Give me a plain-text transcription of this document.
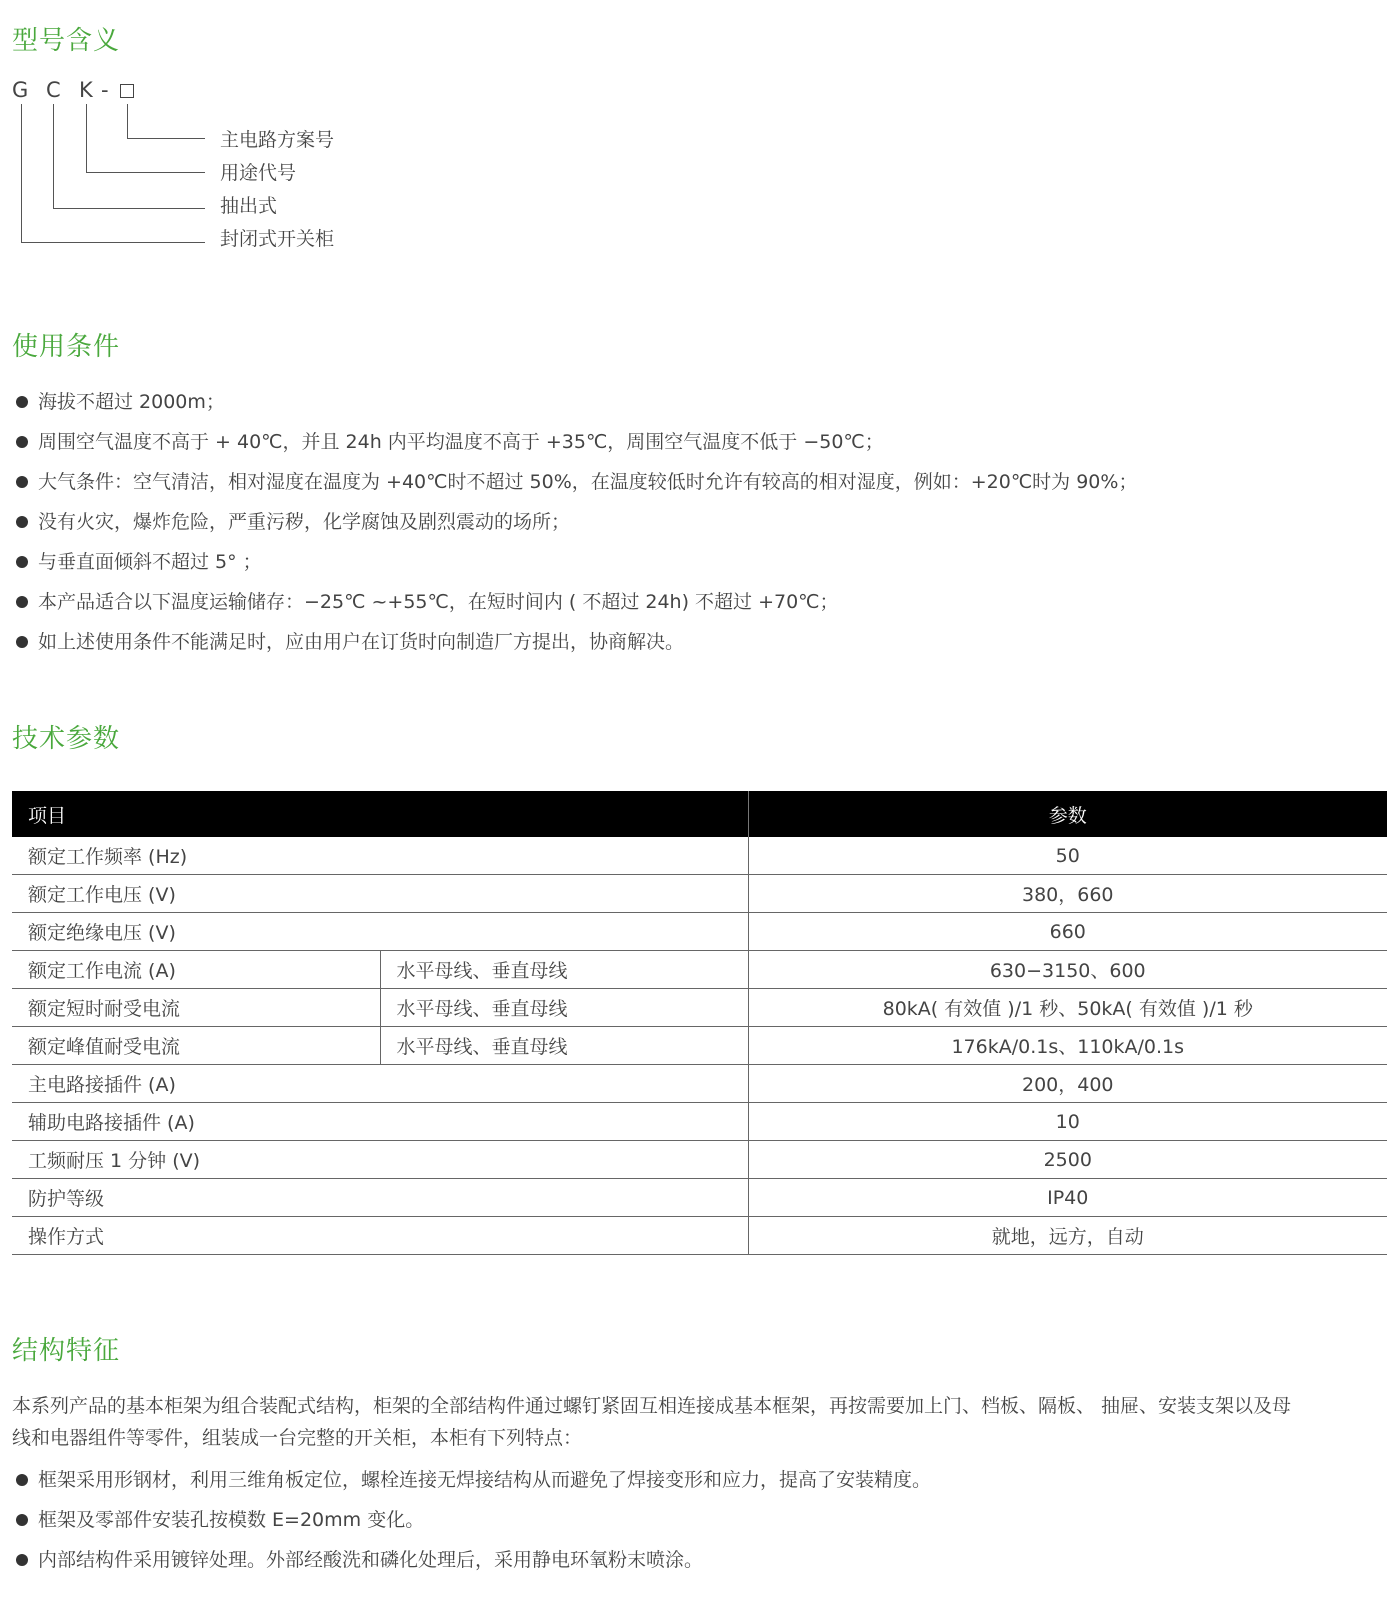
型号含义
G C K -
主电路方案号
用途代号
抽出式
封闭式开关柜
使用条件
海拔不超过 2000m；
周围空气温度不高于 + 40℃，并且 24h 内平均温度不高于 +35℃，周围空气温度不低于 −50℃；
大气条件：空气清洁，相对湿度在温度为 +40℃时不超过 50%，在温度较低时允许有较高的相对湿度，例如：+20℃时为 90%；
没有火灾，爆炸危险，严重污秽，化学腐蚀及剧烈震动的场所；
与垂直面倾斜不超过 5° ；
本产品适合以下温度运输储存：−25℃ ~+55℃，在短时间内 ( 不超过 24h) 不超过 +70℃；
如上述使用条件不能满足时，应由用户在订货时向制造厂方提出，协商解决。
技术参数
项目		参数
额定工作频率 (Hz)		50
额定工作电压 (V)		380，660
额定绝缘电压 (V)		660
额定工作电流 (A)	水平母线、垂直母线	630−3150、600
额定短时耐受电流	水平母线、垂直母线	80kA( 有效值 )/1 秒、50kA( 有效值 )/1 秒
额定峰值耐受电流	水平母线、垂直母线	176kA/0.1s、110kA/0.1s
主电路接插件 (A)		200，400
辅助电路接插件 (A)		10
工频耐压 1 分钟 (V)		2500
防护等级		IP40
操作方式		就地，远方，自动
结构特征

本系列产品的基本柜架为组合装配式结构，柜架的全部结构件通过螺钉紧固互相连接成基本框架，再按需要加上门、档板、隔板、 抽屉、安装支架以及母

线和电器组件等零件，组装成一台完整的开关柜，本柜有下列特点：

框架采用形钢材，利用三维角板定位，螺栓连接无焊接结构从而避免了焊接变形和应力，提高了安装精度。
框架及零部件安装孔按模数 E=20mm 变化。
内部结构件采用镀锌处理。外部经酸洗和磷化处理后，采用静电环氧粉末喷涂。
